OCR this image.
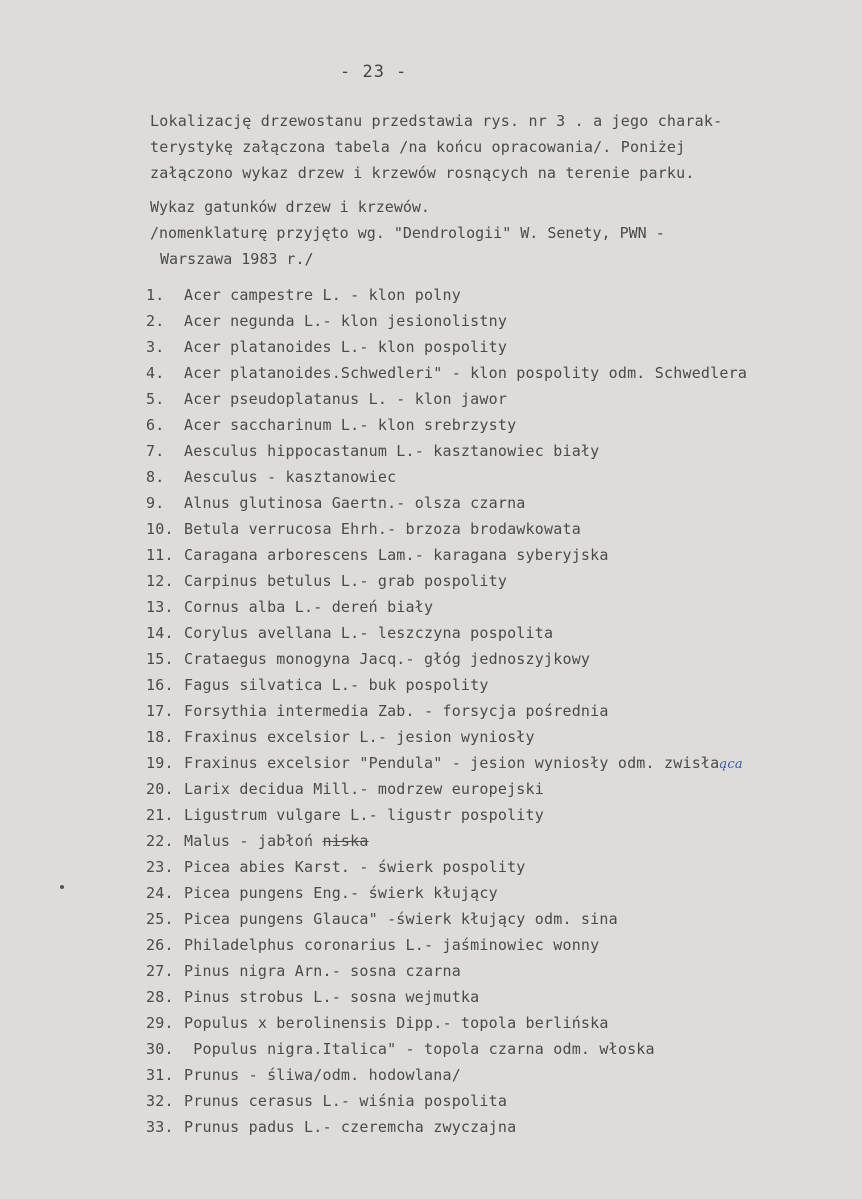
- 23 -

Lokalizację drzewostanu przedstawia rys. nr 3 . a jego charak-

terystykę załączona tabela /na końcu opracowania/. Poniżej

załączono wykaz drzew i krzewów rosnących na terenie parku.

Wykaz gatunków drzew i krzewów.

/nomenklaturę przyjęto wg. "Dendrologii" W. Senety, PWN -

Warszawa 1983 r./

1. Acer campestre L. - klon polny
2. Acer negunda L.- klon jesionolistny
3. Acer platanoides L.- klon pospolity
4. Acer platanoides.Schwedleri" - klon pospolity odm. Schwedlera
5. Acer pseudoplatanus L. - klon jawor
6. Acer saccharinum L.- klon srebrzysty
7. Aesculus hippocastanum L.- kasztanowiec biały
8. Aesculus - kasztanowiec
9. Alnus glutinosa Gaertn.- olsza czarna
10. Betula verrucosa Ehrh.- brzoza brodawkowata
11. Caragana arborescens Lam.- karagana syberyjska
12. Carpinus betulus L.- grab pospolity
13. Cornus alba L.- dereń biały
14. Corylus avellana L.- leszczyna pospolita
15. Crataegus monogyna Jacq.- głóg jednoszyjkowy
16. Fagus silvatica L.- buk pospolity
17. Forsythia intermedia Zab. - forsycja pośrednia
18. Fraxinus excelsior L.- jesion wyniosły
19. Fraxinus excelsior "Pendula" - jesion wyniosły odm. zwisłaąca
20. Larix decidua Mill.- modrzew europejski
21. Ligustrum vulgare L.- ligustr pospolity
22. Malus - jabłoń niska
23. Picea abies Karst. - świerk pospolity
24. Picea pungens Eng.- świerk kłujący
25. Picea pungens Glauca" -świerk kłujący odm. sina
26. Philadelphus coronarius L.- jaśminowiec wonny
27. Pinus nigra Arn.- sosna czarna
28. Pinus strobus L.- sosna wejmutka
29. Populus x berolinensis Dipp.- topola berlińska
30. Populus nigra.Italica" - topola czarna odm. włoska
31. Prunus - śliwa/odm. hodowlana/
32. Prunus cerasus L.- wiśnia pospolita
33. Prunus padus L.- czeremcha zwyczajna
